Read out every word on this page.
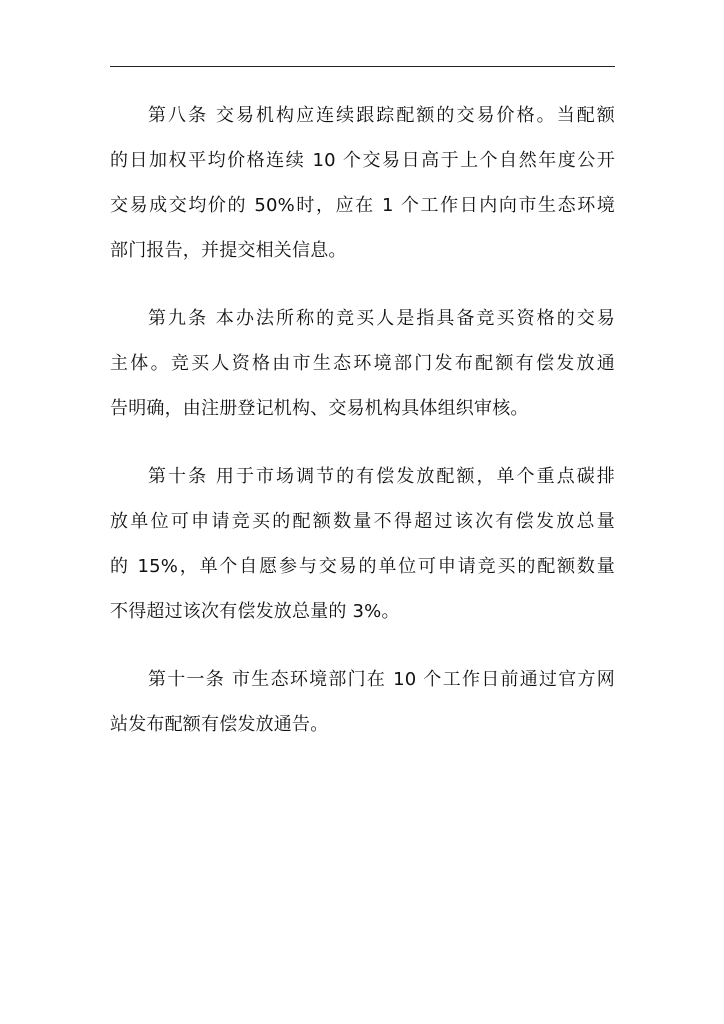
第八条 交易机构应连续跟踪配额的交易价格。当配额
的日加权平均价格连续 10 个交易日高于上个自然年度公开
交易成交均价的 50%时，应在 1 个工作日内向市生态环境
部门报告，并提交相关信息。
第九条 本办法所称的竞买人是指具备竞买资格的交易
主体。竞买人资格由市生态环境部门发布配额有偿发放通
告明确，由注册登记机构、交易机构具体组织审核。
第十条 用于市场调节的有偿发放配额，单个重点碳排
放单位可申请竞买的配额数量不得超过该次有偿发放总量
的 15%，单个自愿参与交易的单位可申请竞买的配额数量
不得超过该次有偿发放总量的 3%。
第十一条 市生态环境部门在 10 个工作日前通过官方网
站发布配额有偿发放通告。
